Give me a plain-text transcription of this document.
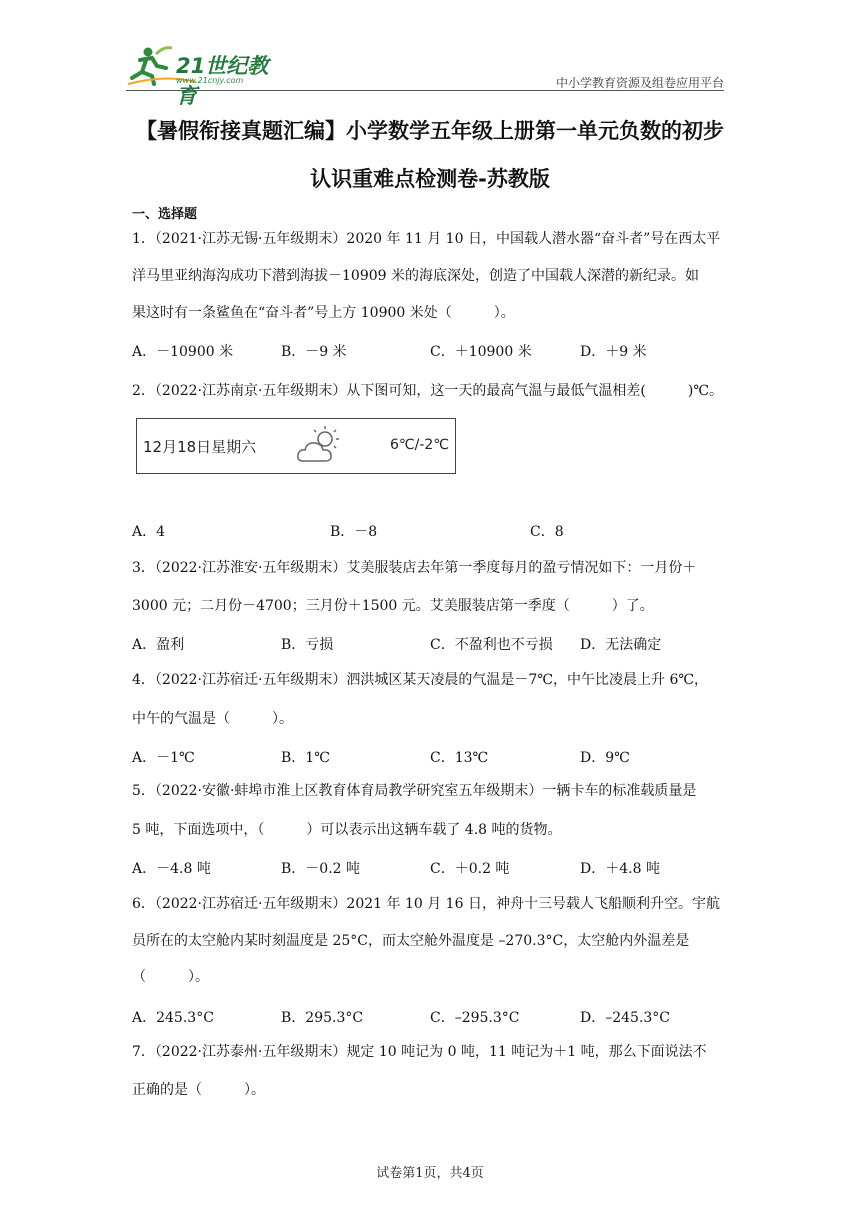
21世纪教育
www.21cnjy.com	中小学教育资源及组卷应用平台
【暑假衔接真题汇编】小学数学五年级上册第一单元负数的初步
认识重难点检测卷-苏教版
一、选择题
1．（2021·江苏无锡·五年级期末）2020 年 11 月 10 日，中国载人潜水器“奋斗者”号在西太平
洋马里亚纳海沟成功下潜到海拔－10909 米的海底深处，创造了中国载人深潜的新纪录。如
果这时有一条鲨鱼在“奋斗者”号上方 10900 米处（　　　）。
A．－10900 米	B．－9 米	C．＋10900 米	D．＋9 米
2．（2022·江苏南京·五年级期末）从下图可知，这一天的最高气温与最低气温相差(　　　)℃。
12月18日星期六	6℃/-2℃
A．4	B．－8	C．8
3．（2022·江苏淮安·五年级期末）艾美服装店去年第一季度每月的盈亏情况如下：一月份＋
3000 元；二月份－4700；三月份＋1500 元。艾美服装店第一季度（　　　）了。
A．盈利	B．亏损	C．不盈利也不亏损 D．无法确定
4．（2022·江苏宿迁·五年级期末）泗洪城区某天凌晨的气温是－7℃，中午比凌晨上升 6℃，
中午的气温是（　　　）。
A．－1℃	B．1℃	C．13℃	D．9℃
5．（2022·安徽·蚌埠市淮上区教育体育局教学研究室五年级期末）一辆卡车的标准载质量是
5 吨，下面选项中，（　　　）可以表示出这辆车载了 4.8 吨的货物。
A．－4.8 吨	B．－0.2 吨	C．＋0.2 吨	D．＋4.8 吨
6．（2022·江苏宿迁·五年级期末）2021 年 10 月 16 日，神舟十三号载人飞船顺利升空。宇航
员所在的太空舱内某时刻温度是 25°C，而太空舱外温度是 –270.3°C，太空舱内外温差是
（　　　）。
A．245.3°C	B．295.3°C	C．–295.3°C	D．–245.3°C
7．（2022·江苏泰州·五年级期末）规定 10 吨记为 0 吨，11 吨记为＋1 吨，那么下面说法不
正确的是（　　　）。
试卷第1页，共4页
